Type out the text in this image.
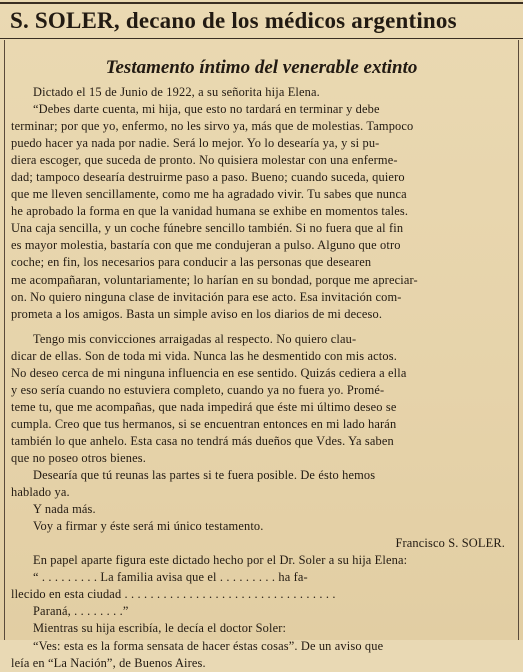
S. SOLER, decano de los médicos argentinos
Testamento íntimo del venerable extinto
Dictado el 15 de Junio de 1922, a su señorita hija Elena.
“Debes darte cuenta, mi hija, que esto no tardará en terminar y debe
terminar; por que yo, enfermo, no les sirvo ya, más que de molestias. Tampoco
puedo hacer ya nada por nadie. Será lo mejor. Yo lo desearía ya, y si pu-
diera escoger, que suceda de pronto. No quisiera molestar con una enferme-
dad; tampoco desearía destruirme paso a paso. Bueno; cuando suceda, quiero
que me lleven sencillamente, como me ha agradado vivir. Tu sabes que nunca
he aprobado la forma en que la vanidad humana se exhibe en momentos tales.
Una caja sencilla, y un coche fúnebre sencillo también. Si no fuera que al fin
es mayor molestia, bastaría con que me condujeran a pulso. Alguno que otro
coche; en fin, los necesarios para conducir a las personas que desearen
me acompañaran, voluntariamente; lo harían en su bondad, porque me apreciar-
on. No quiero ninguna clase de invitación para ese acto. Esa invitación com-
prometa a los amigos. Basta un simple aviso en los diarios de mi deceso.
Tengo mis convicciones arraigadas al respecto. No quiero clau-
dicar de ellas. Son de toda mi vida. Nunca las he desmentido con mis actos.
No deseo cerca de mi ninguna influencia en ese sentido. Quizás cediera a ella
y eso sería cuando no estuviera completo, cuando ya no fuera yo. Promé-
teme tu, que me acompañas, que nada impedirá que éste mi último deseo se
cumpla. Creo que tus hermanos, si se encuentran entonces en mi lado harán
también lo que anhelo. Esta casa no tendrá más dueños que Vdes. Ya saben
que no poseo otros bienes.
Desearía que tú reunas las partes si te fuera posible. De ésto hemos
hablado ya.
Y nada más.
Voy a firmar y éste será mi único testamento.
Francisco S. SOLER.
En papel aparte figura este dictado hecho por el Dr. Soler a su hija Elena:
“ . . . . . . . . . La familia avisa que el . . . . . . . . . ha fa-
llecido en esta ciudad . . . . . . . . . . . . . . . . . . . . . . . . . . . . . . . . .
Paraná, . . . . . . . .”
Mientras su hija escribía, le decía el doctor Soler:
“Ves: esta es la forma sensata de hacer éstas cosas”. De un aviso que
leía en “La Nación”, de Buenos Aires.
